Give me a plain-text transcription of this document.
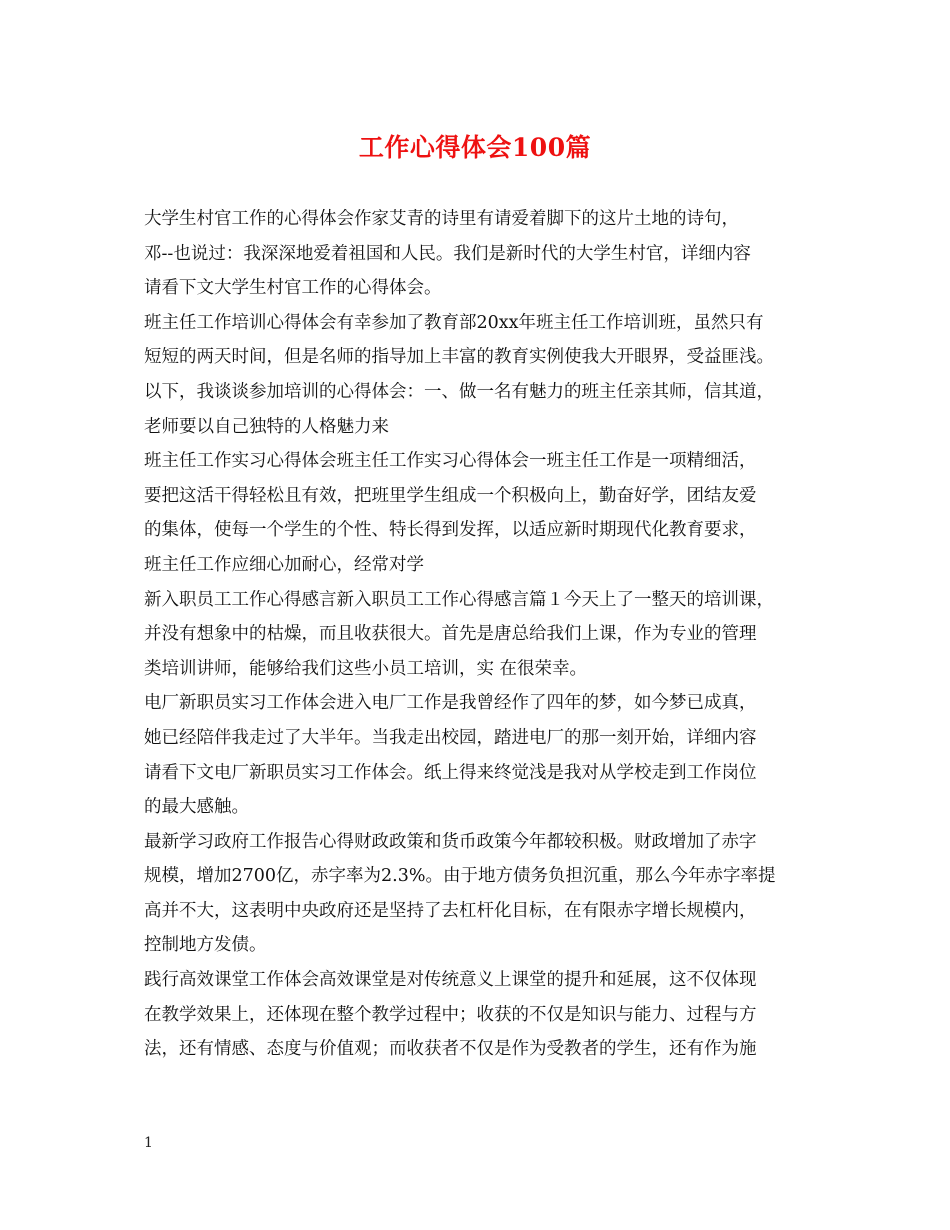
工作心得体会100篇
大学生村官工作的心得体会作家艾青的诗里有请爱着脚下的这片土地的诗句，
邓--也说过：我深深地爱着祖国和人民。我们是新时代的大学生村官，详细内容
请看下文大学生村官工作的心得体会。
班主任工作培训心得体会有幸参加了教育部20xx年班主任工作培训班，虽然只有
短短的两天时间，但是名师的指导加上丰富的教育实例使我大开眼界，受益匪浅。
以下，我谈谈参加培训的心得体会：一、做一名有魅力的班主任亲其师，信其道，
老师要以自己独特的人格魅力来
班主任工作实习心得体会班主任工作实习心得体会一班主任工作是一项精细活，
要把这活干得轻松且有效，把班里学生组成一个积极向上，勤奋好学，团结友爱
的集体，使每一个学生的个性、特长得到发挥，以适应新时期现代化教育要求，
班主任工作应细心加耐心，经常对学
新入职员工工作心得感言新入职员工工作心得感言篇１今天上了一整天的培训课，
并没有想象中的枯燥，而且收获很大。首先是唐总给我们上课，作为专业的管理
类培训讲师，能够给我们这些小员工培训，实 在很荣幸。
电厂新职员实习工作体会进入电厂工作是我曾经作了四年的梦，如今梦已成真，
她已经陪伴我走过了大半年。当我走出校园，踏进电厂的那一刻开始，详细内容
请看下文电厂新职员实习工作体会。纸上得来终觉浅是我对从学校走到工作岗位
的最大感触。
最新学习政府工作报告心得财政政策和货币政策今年都较积极。财政增加了赤字
规模，增加2700亿，赤字率为2.3%。由于地方债务负担沉重，那么今年赤字率提
高并不大，这表明中央政府还是坚持了去杠杆化目标，在有限赤字增长规模内，
控制地方发债。
践行高效课堂工作体会高效课堂是对传统意义上课堂的提升和延展，这不仅体现
在教学效果上，还体现在整个教学过程中；收获的不仅是知识与能力、过程与方
法，还有情感、态度与价值观；而收获者不仅是作为受教者的学生，还有作为施
1
